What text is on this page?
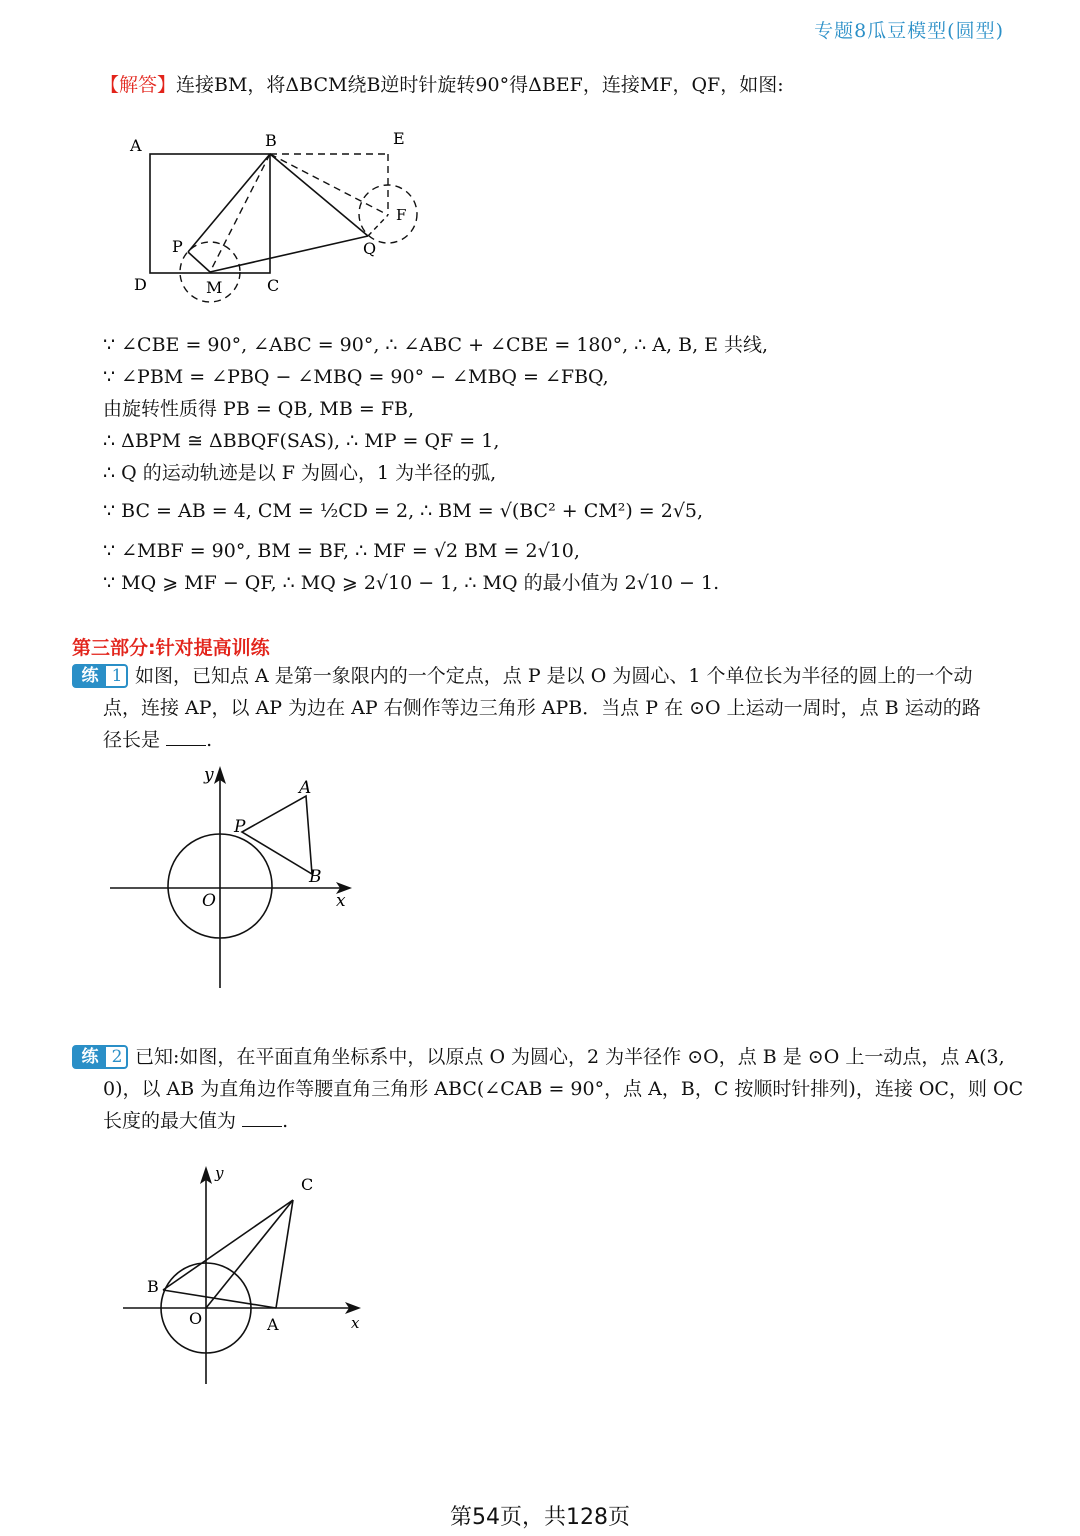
专题8瓜豆模型(圆型)
【解答】连接BM，将ΔBCM绕B逆时针旋转90°得ΔBEF，连接MF，QF，如图:
A	B	E
F
P	Q
D	M	C
∵ ∠CBE = 90°, ∠ABC = 90°, ∴ ∠ABC + ∠CBE = 180°, ∴ A, B, E 共线,
∵ ∠PBM = ∠PBQ − ∠MBQ = 90° − ∠MBQ = ∠FBQ,
由旋转性质得 PB = QB, MB = FB,
∴ ΔBPM ≅ ΔBBQF(SAS), ∴ MP = QF = 1,
∴ Q 的运动轨迹是以 F 为圆心，1 为半径的弧,
∵ BC = AB = 4, CM = ½CD = 2, ∴ BM = √(BC² + CM²) = 2√5,
∵ ∠MBF = 90°, BM = BF, ∴ MF = √2 BM = 2√10,
∵ MQ ⩾ MF − QF, ∴ MQ ⩾ 2√10 − 1, ∴ MQ 的最小值为 2√10 − 1.
第三部分:针对提高训练
练 1 如图，已知点 A 是第一象限内的一个定点，点 P 是以 O 为圆心、1 个单位长为半径的圆上的一个动
点，连接 AP，以 AP 为边在 AP 右侧作等边三角形 APB．当点 P 在 ⊙O 上运动一周时，点 B 运动的路
径长是 .
y
x
O
P
A
B
练 2 已知:如图，在平面直角坐标系中，以原点 O 为圆心，2 为半径作 ⊙O，点 B 是 ⊙O 上一动点，点 A(3,
0)，以 AB 为直角边作等腰直角三角形 ABC(∠CAB = 90°，点 A，B，C 按顺时针排列)，连接 OC，则 OC
长度的最大值为 .
y
x
O	A
B
C
第54页，共128页
